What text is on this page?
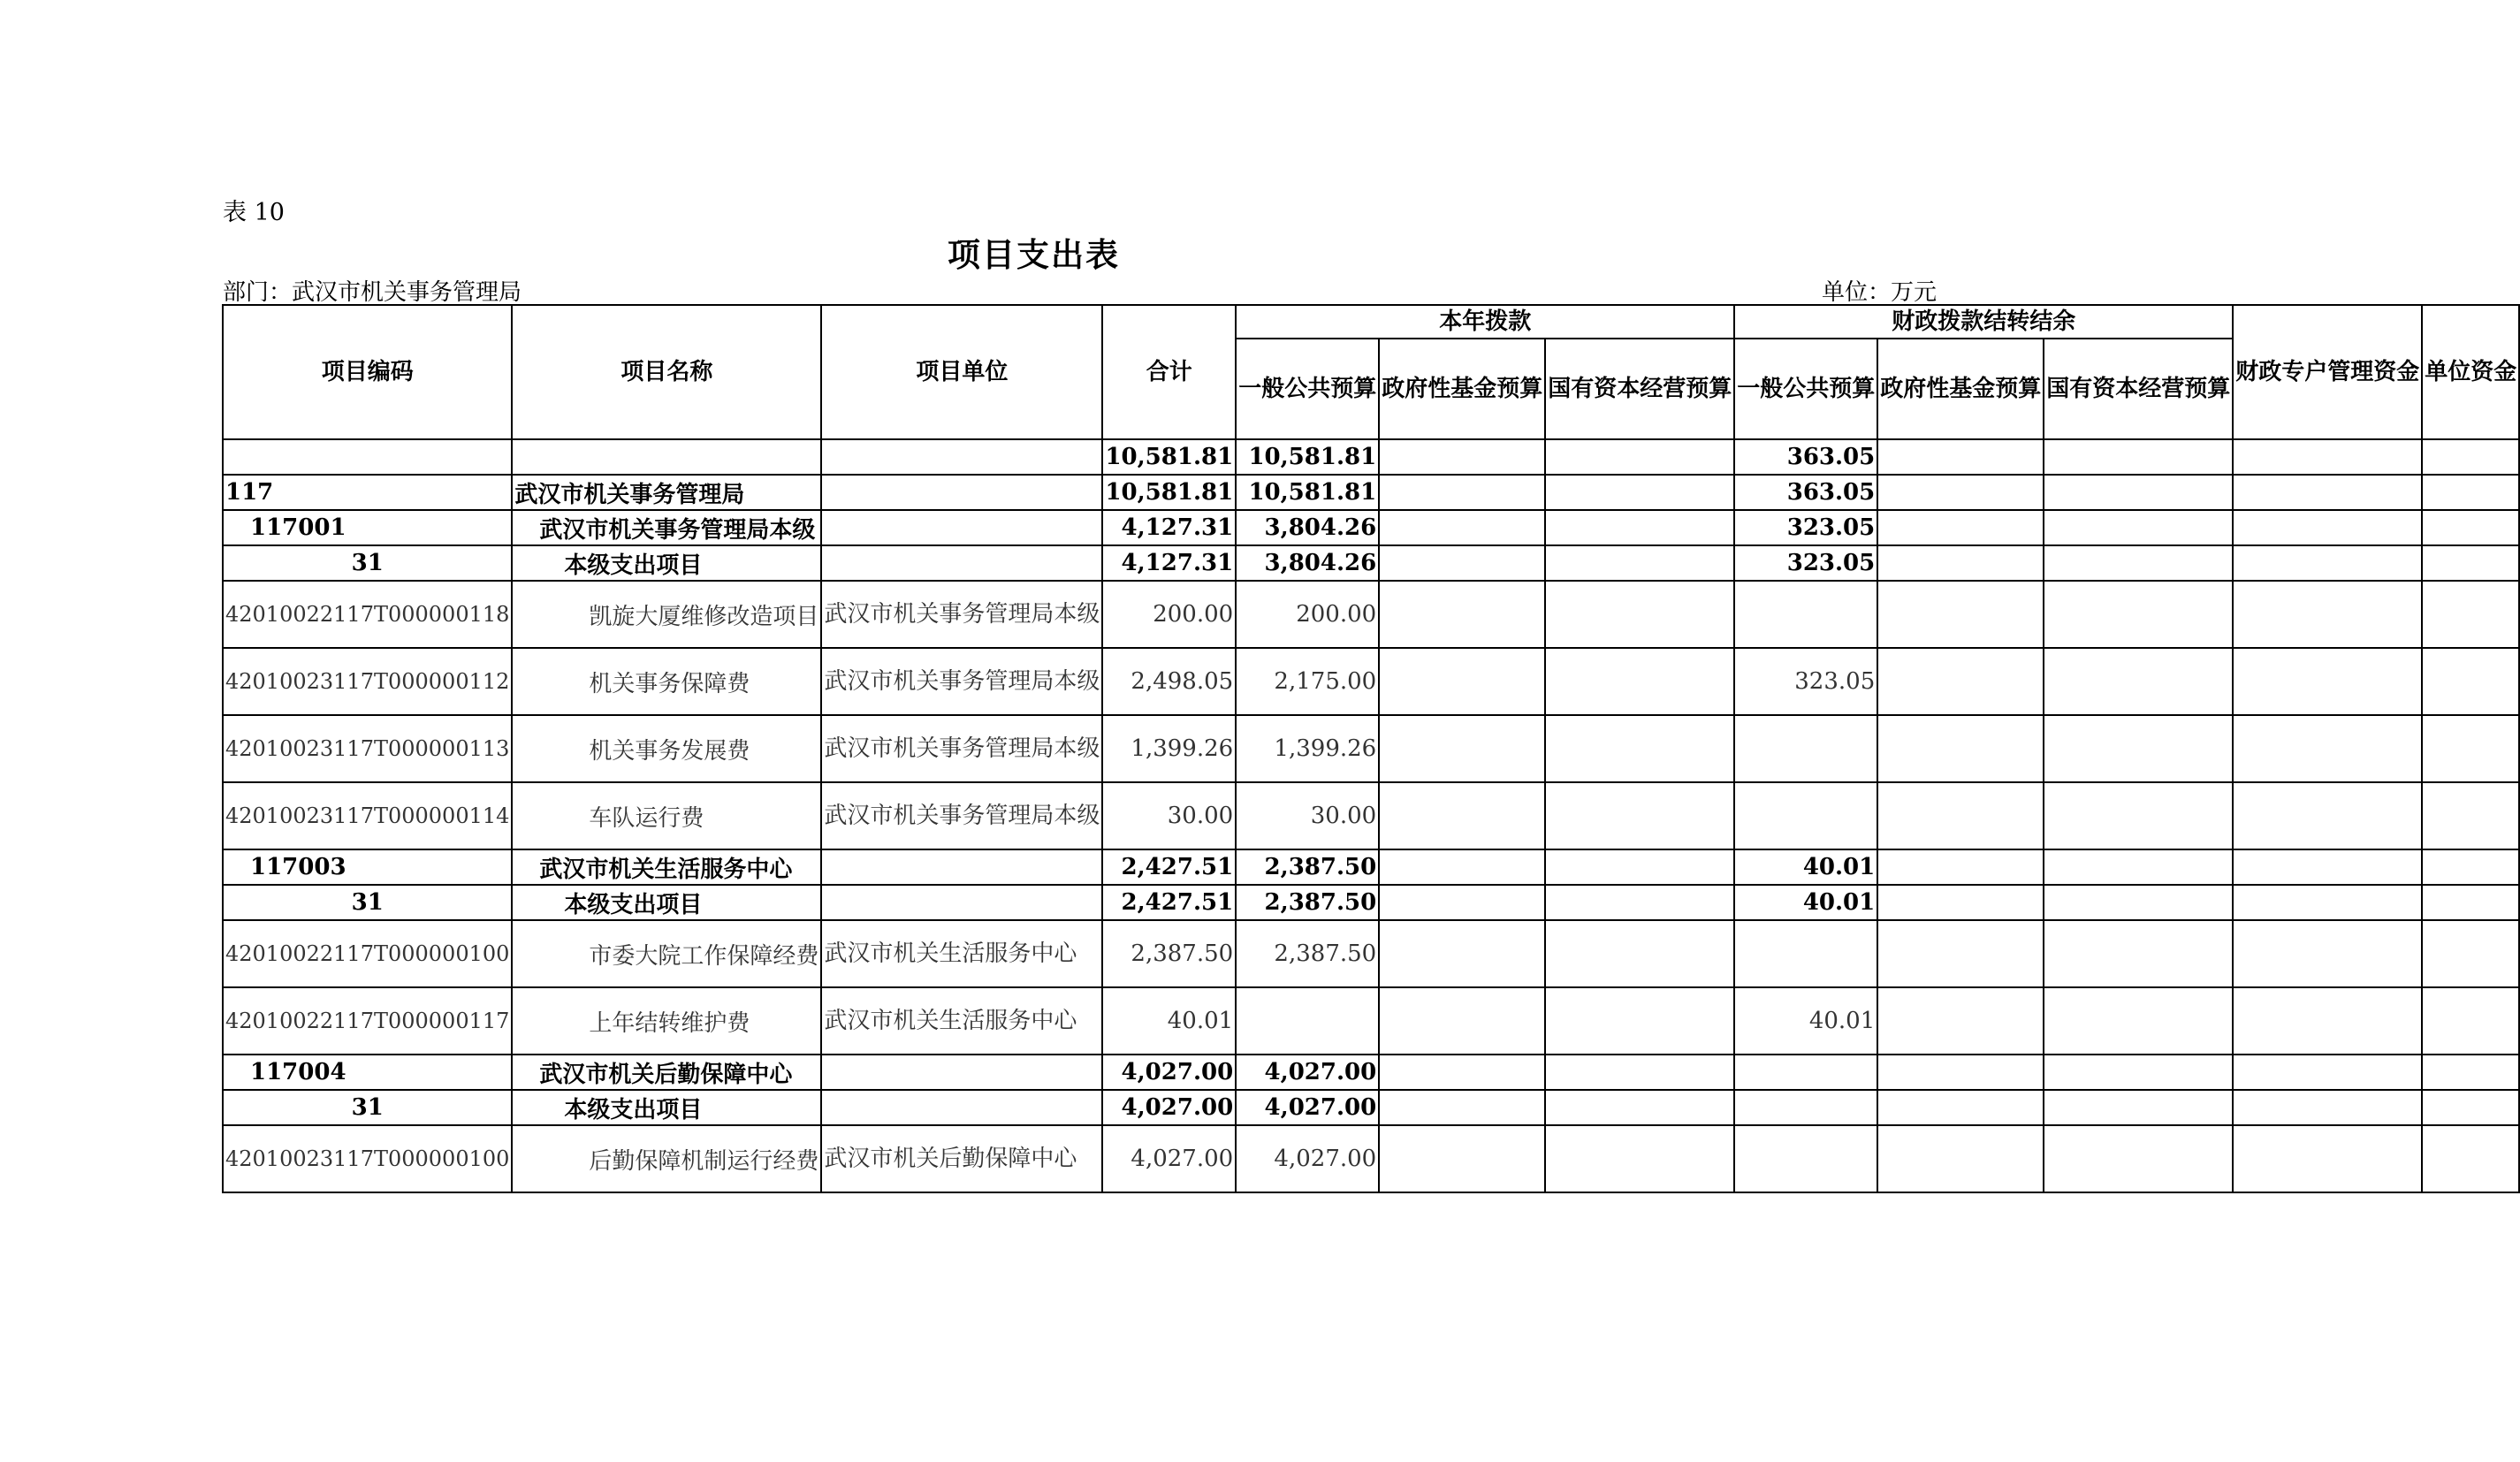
表 10
项目支出表
部门：武汉市机关事务管理局	单位：万元
项目编码	项目名称	项目单位	合计	本年拨款			财政拨款结转结余			财政专户管理资金	单位资金
				一般公共预算	政府性基金预算	国有资本经营预算	一般公共预算	政府性基金预算	国有资本经营预算		
			10,581.81	10,581.81			363.05				
117	武汉市机关事务管理局		10,581.81	10,581.81			363.05				
117001	武汉市机关事务管理局本级		4,127.31	3,804.26			323.05				
31	本级支出项目		4,127.31	3,804.26			323.05				
42010022117T000000118	凯旋大厦维修改造项目	武汉市机关事务管理局本级	200.00	200.00							
42010023117T000000112	机关事务保障费	武汉市机关事务管理局本级	2,498.05	2,175.00			323.05				
42010023117T000000113	机关事务发展费	武汉市机关事务管理局本级	1,399.26	1,399.26							
42010023117T000000114	车队运行费	武汉市机关事务管理局本级	30.00	30.00							
117003	武汉市机关生活服务中心		2,427.51	2,387.50			40.01				
31	本级支出项目		2,427.51	2,387.50			40.01				
42010022117T000000100	市委大院工作保障经费	武汉市机关生活服务中心	2,387.50	2,387.50							
42010022117T000000117	上年结转维护费	武汉市机关生活服务中心	40.01				40.01				
117004	武汉市机关后勤保障中心		4,027.00	4,027.00							
31	本级支出项目		4,027.00	4,027.00							
42010023117T000000100	后勤保障机制运行经费	武汉市机关后勤保障中心	4,027.00	4,027.00							
